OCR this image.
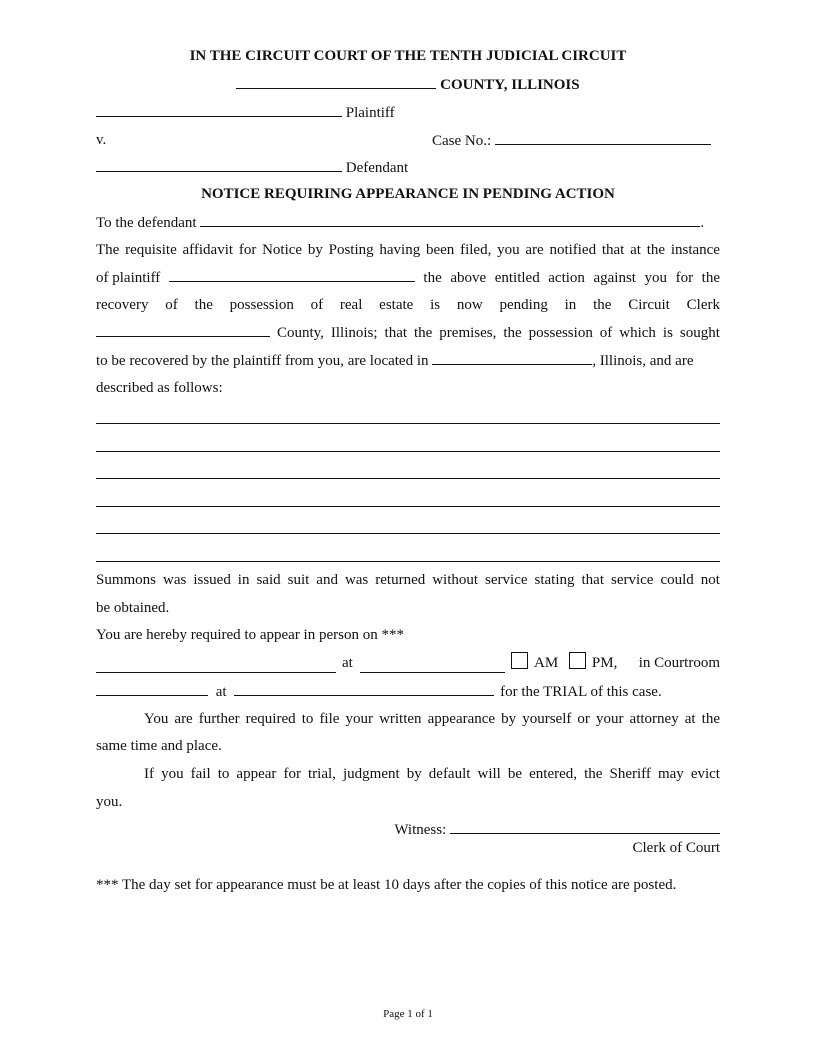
IN THE CIRCUIT COURT OF THE TENTH JUDICIAL CIRCUIT
COUNTY, ILLINOIS
Plaintiff
v.	Case No.:
Defendant
NOTICE REQUIRING APPEARANCE IN PENDING ACTION
To the defendant	.
The requisite affidavit for Notice by Posting having been filed, you are notified that at the instance
of plaintiff	the above entitled action against you for the
recovery of the possession of real estate is now pending in the Circuit Clerk
County, Illinois; that the premises, the possession of which is sought
to be recovered by the plaintiff from you, are located in	, Illinois, and are
described as follows:
Summons was issued in said suit and was returned without service stating that service could not
be obtained.
You are hereby required to appear in person on ***
at	AM PM, in Courtroom
at	for the TRIAL of this case.
You are further required to file your written appearance by yourself or your attorney at the
same time and place.
If you fail to appear for trial, judgment by default will be entered, the Sheriff may evict
you.
Witness:
Clerk of Court
*** The day set for appearance must be at least 10 days after the copies of this notice are posted.
Page 1 of 1
